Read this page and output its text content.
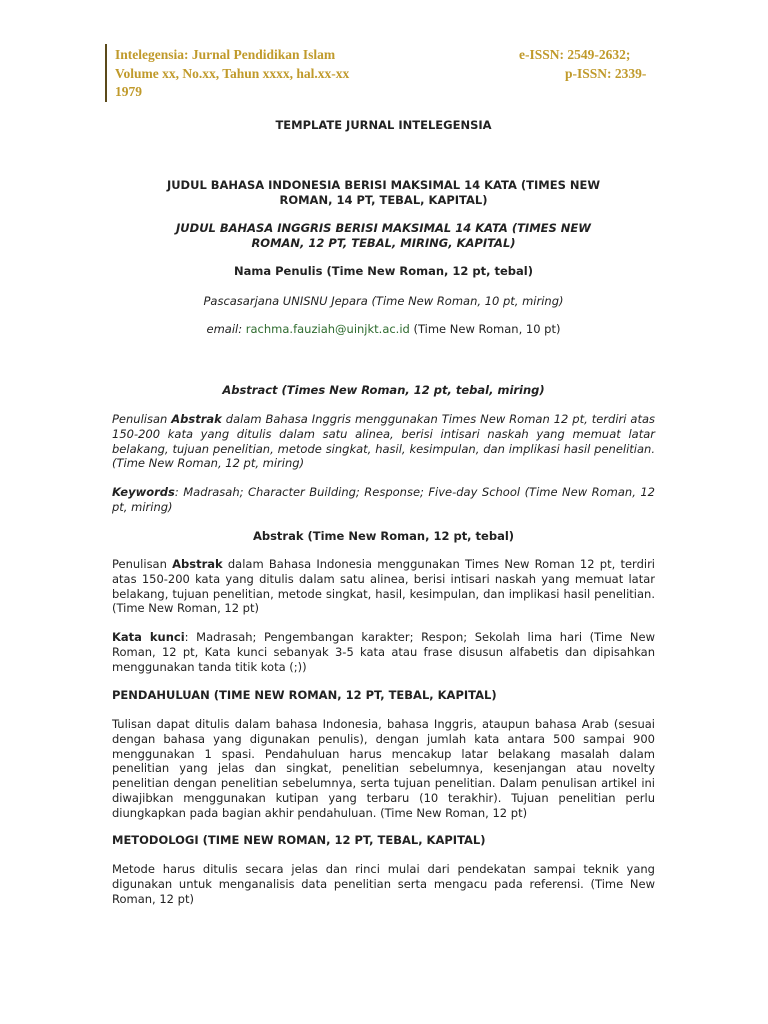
Intelegensia: Jurnal Pendidikan Islam
Volume xx, No.xx, Tahun xxxx, hal.xx-xx
1979
e-ISSN: 2549-2632;
p-ISSN: 2339-
TEMPLATE JURNAL INTELEGENSIA
JUDUL BAHASA INDONESIA BERISI MAKSIMAL 14 KATA (TIMES NEW ROMAN, 14 PT, TEBAL, KAPITAL)
JUDUL BAHASA INGGRIS BERISI MAKSIMAL 14 KATA (TIMES NEW ROMAN, 12 PT, TEBAL, MIRING, KAPITAL)
Nama Penulis (Time New Roman, 12 pt, tebal)
Pascasarjana UNISNU Jepara (Time New Roman, 10 pt, miring)
email: rachma.fauziah@uinjkt.ac.id (Time New Roman, 10 pt)
Abstract (Times New Roman, 12 pt, tebal, miring)
Penulisan Abstrak dalam Bahasa Inggris menggunakan Times New Roman 12 pt, terdiri atas 150-200 kata yang ditulis dalam satu alinea, berisi intisari naskah yang memuat latar belakang, tujuan penelitian, metode singkat, hasil, kesimpulan, dan implikasi hasil penelitian. (Time New Roman, 12 pt, miring)
Keywords: Madrasah; Character Building; Response; Five-day School (Time New Roman, 12 pt, miring)
Abstrak (Time New Roman, 12 pt, tebal)
Penulisan Abstrak dalam Bahasa Indonesia menggunakan Times New Roman 12 pt, terdiri atas 150-200 kata yang ditulis dalam satu alinea, berisi intisari naskah yang memuat latar belakang, tujuan penelitian, metode singkat, hasil, kesimpulan, dan implikasi hasil penelitian. (Time New Roman, 12 pt)
Kata kunci: Madrasah; Pengembangan karakter; Respon; Sekolah lima hari (Time New Roman, 12 pt, Kata kunci sebanyak 3-5 kata atau frase disusun alfabetis dan dipisahkan menggunakan tanda titik kota (;))
PENDAHULUAN (TIME NEW ROMAN, 12 PT, TEBAL, KAPITAL)
Tulisan dapat ditulis dalam bahasa Indonesia, bahasa Inggris, ataupun bahasa Arab (sesuai dengan bahasa yang digunakan penulis), dengan jumlah kata antara 500 sampai 900 menggunakan 1 spasi. Pendahuluan harus mencakup latar belakang masalah dalam penelitian yang jelas dan singkat, penelitian sebelumnya, kesenjangan atau novelty penelitian dengan penelitian sebelumnya, serta tujuan penelitian. Dalam penulisan artikel ini diwajibkan menggunakan kutipan yang terbaru (10 terakhir). Tujuan penelitian perlu diungkapkan pada bagian akhir pendahuluan. (Time New Roman, 12 pt)
METODOLOGI (TIME NEW ROMAN, 12 PT, TEBAL, KAPITAL)
Metode harus ditulis secara jelas dan rinci mulai dari pendekatan sampai teknik yang digunakan untuk menganalisis data penelitian serta mengacu pada referensi. (Time New Roman, 12 pt)
